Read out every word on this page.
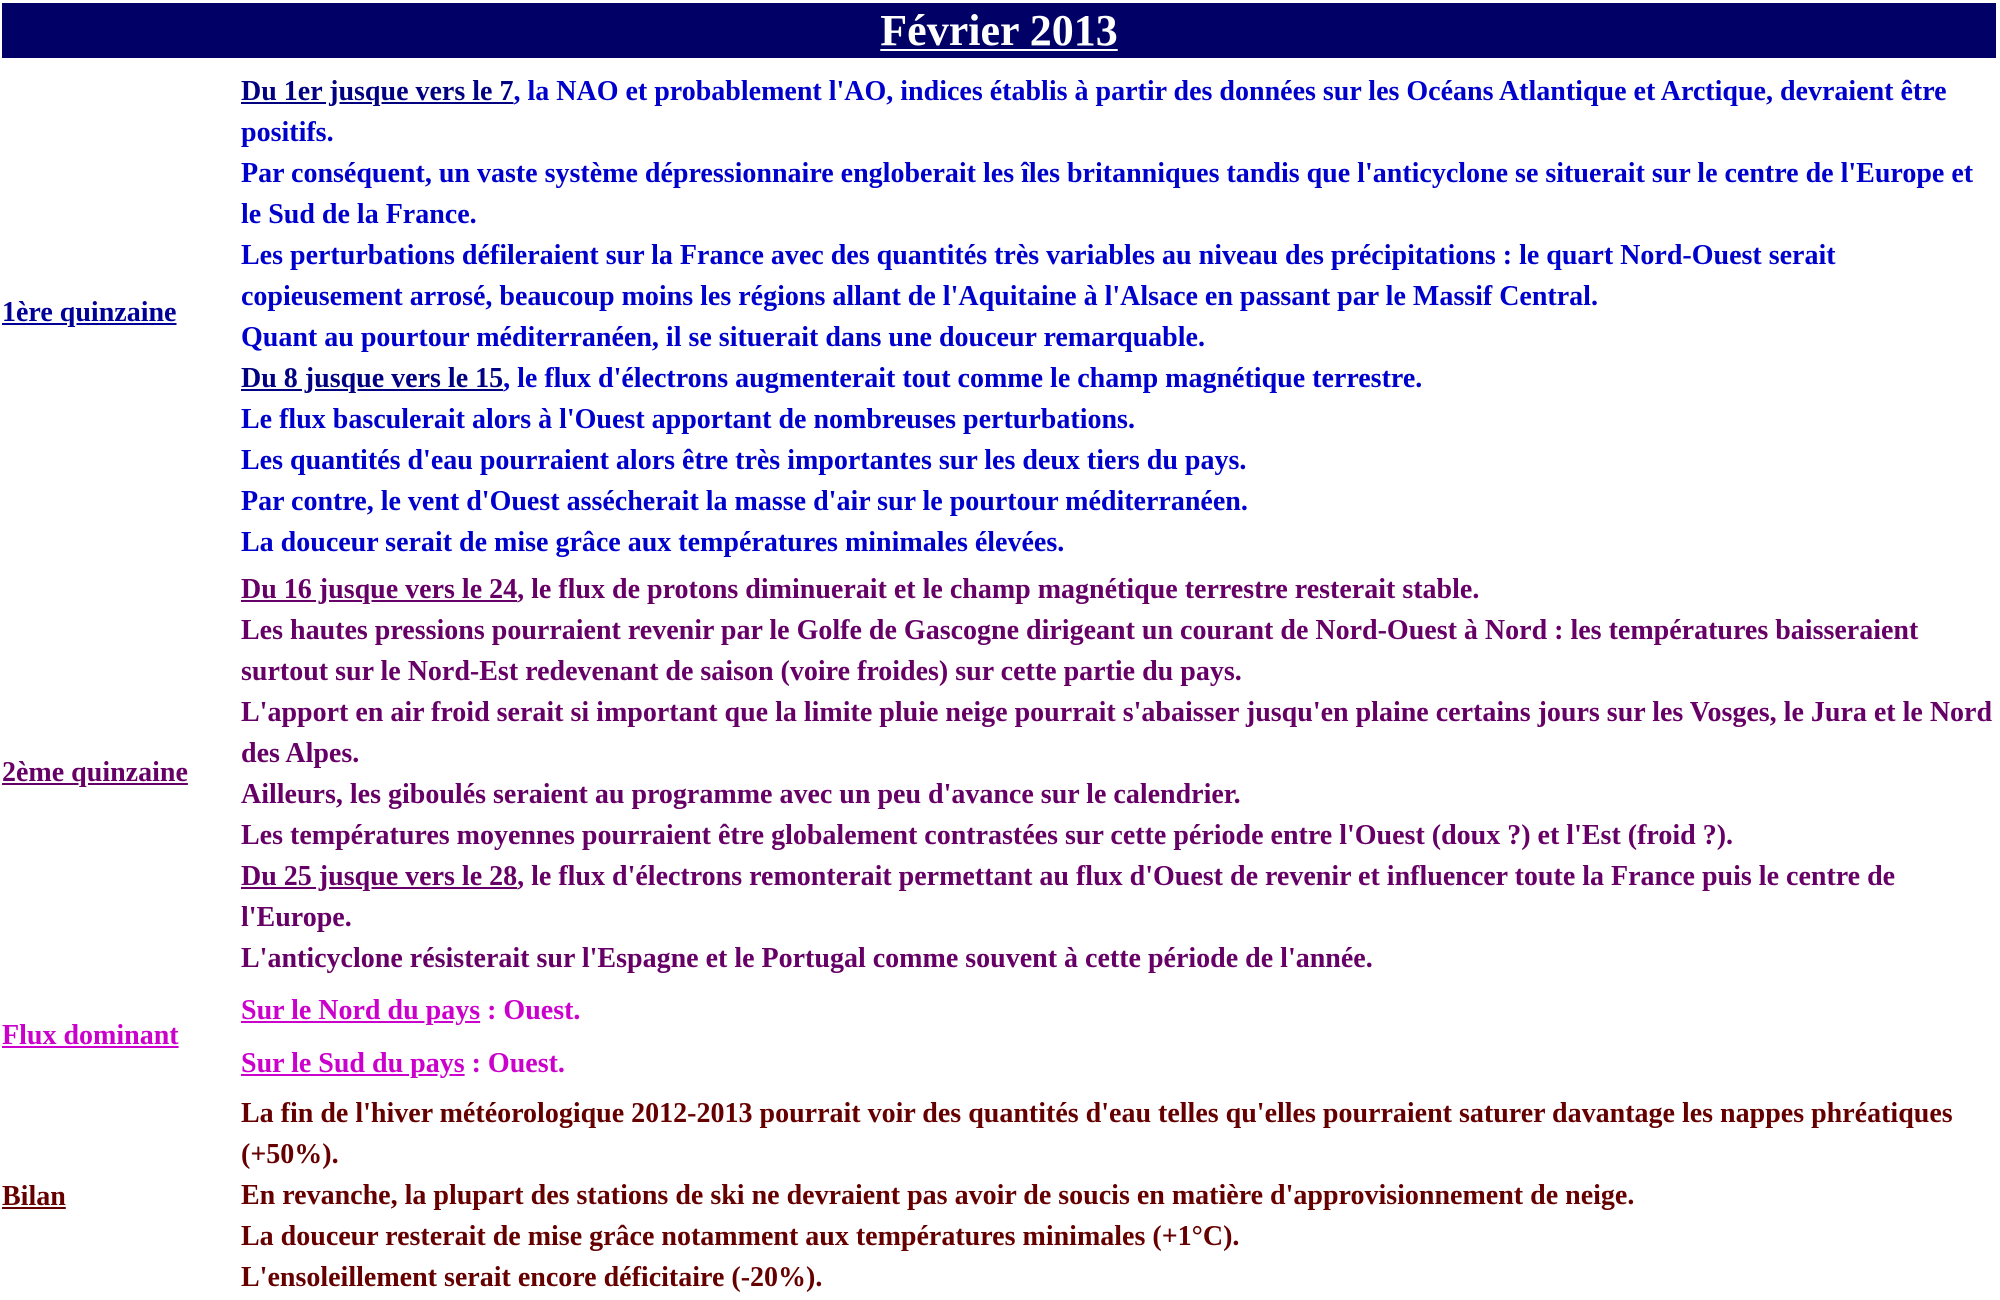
Février 2013
1ère quinzaine

Du 1er jusque vers le 7, la NAO et probablement l'AO, indices établis à partir des données sur les Océans Atlantique et Arctique, devraient être positifs.

Par conséquent, un vaste système dépressionnaire engloberait les îles britanniques tandis que l'anticyclone se situerait sur le centre de l'Europe et le Sud de la France.

Les perturbations défileraient sur la France avec des quantités très variables au niveau des précipitations : le quart Nord-Ouest serait copieusement arrosé, beaucoup moins les régions allant de l'Aquitaine à l'Alsace en passant par le Massif Central.

Quant au pourtour méditerranéen, il se situerait dans une douceur remarquable.

Du 8 jusque vers le 15, le flux d'électrons augmenterait tout comme le champ magnétique terrestre.

Le flux basculerait alors à l'Ouest apportant de nombreuses perturbations.

Les quantités d'eau pourraient alors être très importantes sur les deux tiers du pays.

Par contre, le vent d'Ouest assécherait la masse d'air sur le pourtour méditerranéen.

La douceur serait de mise grâce aux températures minimales élevées.

2ème quinzaine

Du 16 jusque vers le 24, le flux de protons diminuerait et le champ magnétique terrestre resterait stable.

Les hautes pressions pourraient revenir par le Golfe de Gascogne dirigeant un courant de Nord-Ouest à Nord : les températures baisseraient surtout sur le Nord-Est redevenant de saison (voire froides) sur cette partie du pays.

L'apport en air froid serait si important que la limite pluie neige pourrait s'abaisser jusqu'en plaine certains jours sur les Vosges, le Jura et le Nord des Alpes.

Ailleurs, les giboulés seraient au programme avec un peu d'avance sur le calendrier.

Les températures moyennes pourraient être globalement contrastées sur cette période entre l'Ouest (doux ?) et l'Est (froid ?).

Du 25 jusque vers le 28, le flux d'électrons remonterait permettant au flux d'Ouest de revenir et influencer toute la France puis le centre de l'Europe.

L'anticyclone résisterait sur l'Espagne et le Portugal comme souvent à cette période de l'année.

Flux dominant

Sur le Nord du pays : Ouest.

Sur le Sud du pays : Ouest.

Bilan

La fin de l'hiver météorologique 2012-2013 pourrait voir des quantités d'eau telles qu'elles pourraient saturer davantage les nappes phréatiques (+50%).

En revanche, la plupart des stations de ski ne devraient pas avoir de soucis en matière d'approvisionnement de neige.

La douceur resterait de mise grâce notamment aux températures minimales (+1°C).

L'ensoleillement serait encore déficitaire (-20%).
